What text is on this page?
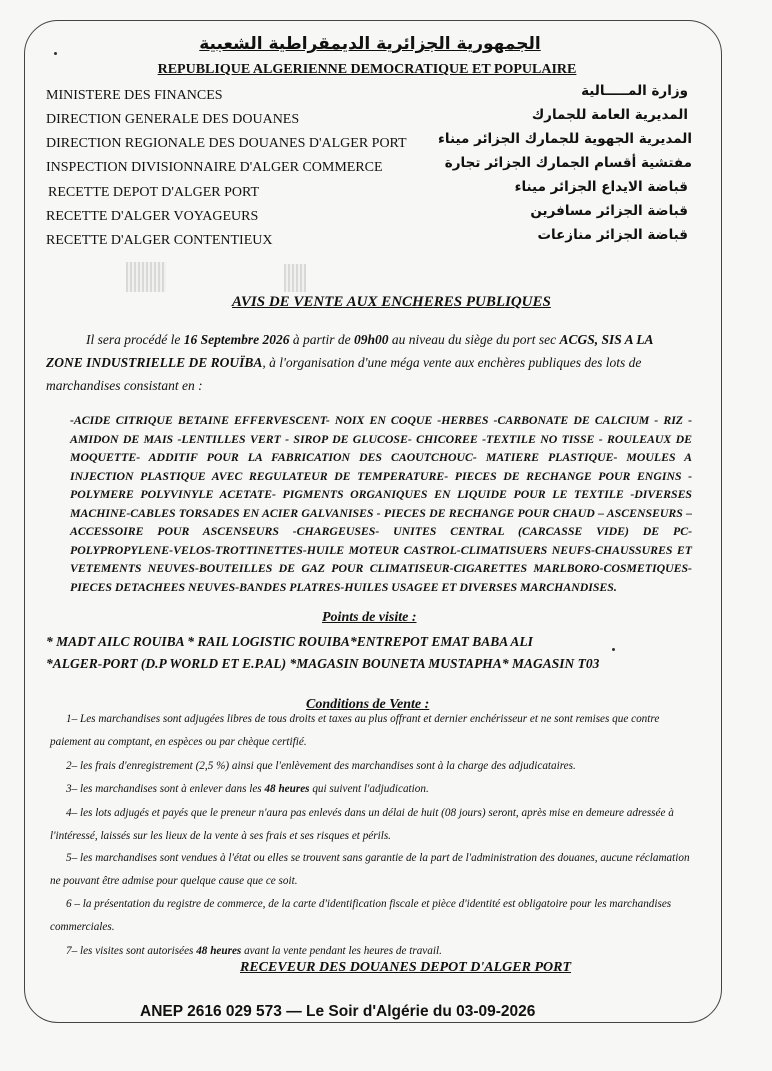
الجمهورية الجزائرية الديمقراطية الشعبية
REPUBLIQUE ALGERIENNE DEMOCRATIQUE ET POPULAIRE
MINISTERE DES FINANCES
DIRECTION GENERALE DES DOUANES
DIRECTION REGIONALE DES DOUANES D'ALGER PORT
INSPECTION DIVISIONNAIRE D'ALGER COMMERCE
RECETTE DEPOT D'ALGER PORT
RECETTE D'ALGER VOYAGEURS
RECETTE D'ALGER CONTENTIEUX
وزارة المـــــالية
المديرية العامة للجمارك
المديرية الجهوية للجمارك الجزائر ميناء
مفتشية أقسام الجمارك الجزائر تجارة
قباضة الايداع الجزائر ميناء
قباضة الجزائر مسافرين
قباضة الجزائر منازعات
AVIS DE VENTE AUX ENCHERES PUBLIQUES
Il sera procédé le 16 Septembre 2026 à partir de 09h00 au niveau du siège du port sec ACGS, SIS A LA ZONE INDUSTRIELLE DE ROUÏBA, à l'organisation d'une méga vente aux enchères publiques des lots de marchandises consistant en :
-ACIDE CITRIQUE BETAINE EFFERVESCENT- NOIX EN COQUE -HERBES -CARBONATE DE CALCIUM - RIZ - AMIDON DE MAIS -LENTILLES VERT - SIROP DE GLUCOSE- CHICOREE -TEXTILE NO TISSE - ROULEAUX DE MOQUETTE- ADDITIF POUR LA FABRICATION DES CAOUTCHOUC- MATIERE PLASTIQUE- MOULES A INJECTION PLASTIQUE AVEC REGULATEUR DE TEMPERATURE- PIECES DE RECHANGE POUR ENGINS - POLYMERE POLYVINYLE ACETATE- PIGMENTS ORGANIQUES EN LIQUIDE POUR LE TEXTILE -DIVERSES MACHINE-CABLES TORSADES EN ACIER GALVANISES - PIECES DE RECHANGE POUR CHAUD – ASCENSEURS – ACCESSOIRE POUR ASCENSEURS -CHARGEUSES- UNITES CENTRAL (CARCASSE VIDE) DE PC-POLYPROPYLENE-VELOS-TROTTINETTES-HUILE MOTEUR CASTROL-CLIMATISUERS NEUFS-CHAUSSURES ET VETEMENTS NEUVES-BOUTEILLES DE GAZ POUR CLIMATISEUR-CIGARETTES MARLBORO-COSMETIQUES- PIECES DETACHEES NEUVES-BANDES PLATRES-HUILES USAGEE ET DIVERSES MARCHANDISES.
Points de visite :
* MADT AILC ROUIBA * RAIL LOGISTIC ROUIBA*ENTREPOT EMAT BABA ALI
*ALGER-PORT (D.P WORLD ET E.P.AL) *MAGASIN BOUNETA MUSTAPHA* MAGASIN T03
Conditions de Vente :
1– Les marchandises sont adjugées libres de tous droits et taxes au plus offrant et dernier enchérisseur et ne sont remises que contre paiement au comptant, en espèces ou par chèque certifié.
2– les frais d'enregistrement (2,5 %) ainsi que l'enlèvement des marchandises sont à la charge des adjudicataires.
3– les marchandises sont à enlever dans les 48 heures qui suivent l'adjudication.
4– les lots adjugés et payés que le preneur n'aura pas enlevés dans un délai de huit (08 jours) seront, après mise en demeure adressée à l'intéressé, laissés sur les lieux de la vente à ses frais et ses risques et périls.
5– les marchandises sont vendues à l'état ou elles se trouvent sans garantie de la part de l'administration des douanes, aucune réclamation ne pouvant être admise pour quelque cause que ce soit.
6 – la présentation du registre de commerce, de la carte d'identification fiscale et pièce d'identité est obligatoire pour les marchandises commerciales.
7– les visites sont autorisées 48 heures avant la vente pendant les heures de travail.
RECEVEUR DES DOUANES DEPOT D'ALGER PORT
ANEP 2616 029 573 — Le Soir d'Algérie du 03-09-2026
